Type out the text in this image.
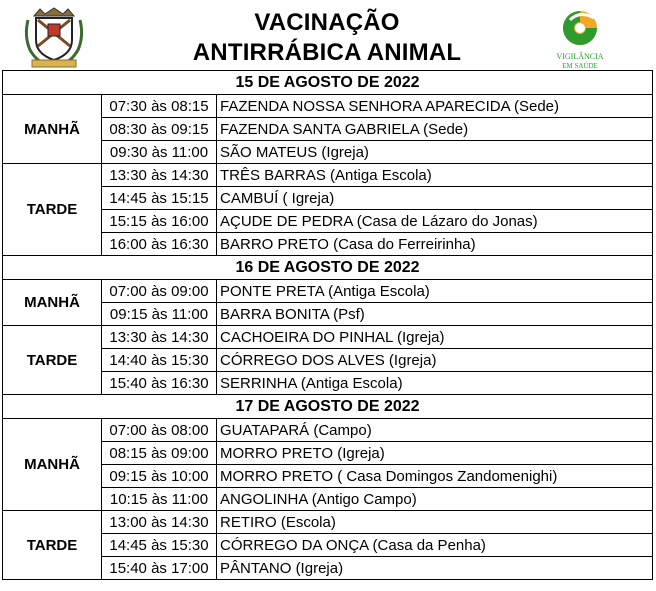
VACINAÇÃO
ANTIRRÁBICA ANIMAL	VIGILÂNCIA
EM SAÚDE
15 DE AGOSTO DE 2022		
MANHÃ	07:30 às 08:15	FAZENDA NOSSA SENHORA APARECIDA (Sede)
	08:30 às 09:15	FAZENDA SANTA GABRIELA (Sede)
	09:30 às 11:00	SÃO MATEUS (Igreja)
TARDE	13:30 às 14:30	TRÊS BARRAS (Antiga Escola)
	14:45 às 15:15	CAMBUÍ ( Igreja)
	15:15 às 16:00	AÇUDE DE PEDRA (Casa de Lázaro do Jonas)
	16:00 às 16:30	BARRO PRETO (Casa do Ferreirinha)
16 DE AGOSTO DE 2022		
MANHÃ	07:00 às 09:00	PONTE PRETA (Antiga Escola)
	09:15 às 11:00	BARRA BONITA (Psf)
TARDE	13:30 às 14:30	CACHOEIRA DO PINHAL (Igreja)
	14:40 às 15:30	CÓRREGO DOS ALVES (Igreja)
	15:40 às 16:30	SERRINHA (Antiga Escola)
17 DE AGOSTO DE 2022		
MANHÃ	07:00 às 08:00	GUATAPARÁ (Campo)
	08:15 às 09:00	MORRO PRETO (Igreja)
	09:15 às 10:00	MORRO PRETO ( Casa Domingos Zandomenighi)
	10:15 às 11:00	ANGOLINHA (Antigo Campo)
TARDE	13:00 às 14:30	RETIRO (Escola)
	14:45 às 15:30	CÓRREGO DA ONÇA (Casa da Penha)
	15:40 às 17:00	PÂNTANO (Igreja)
